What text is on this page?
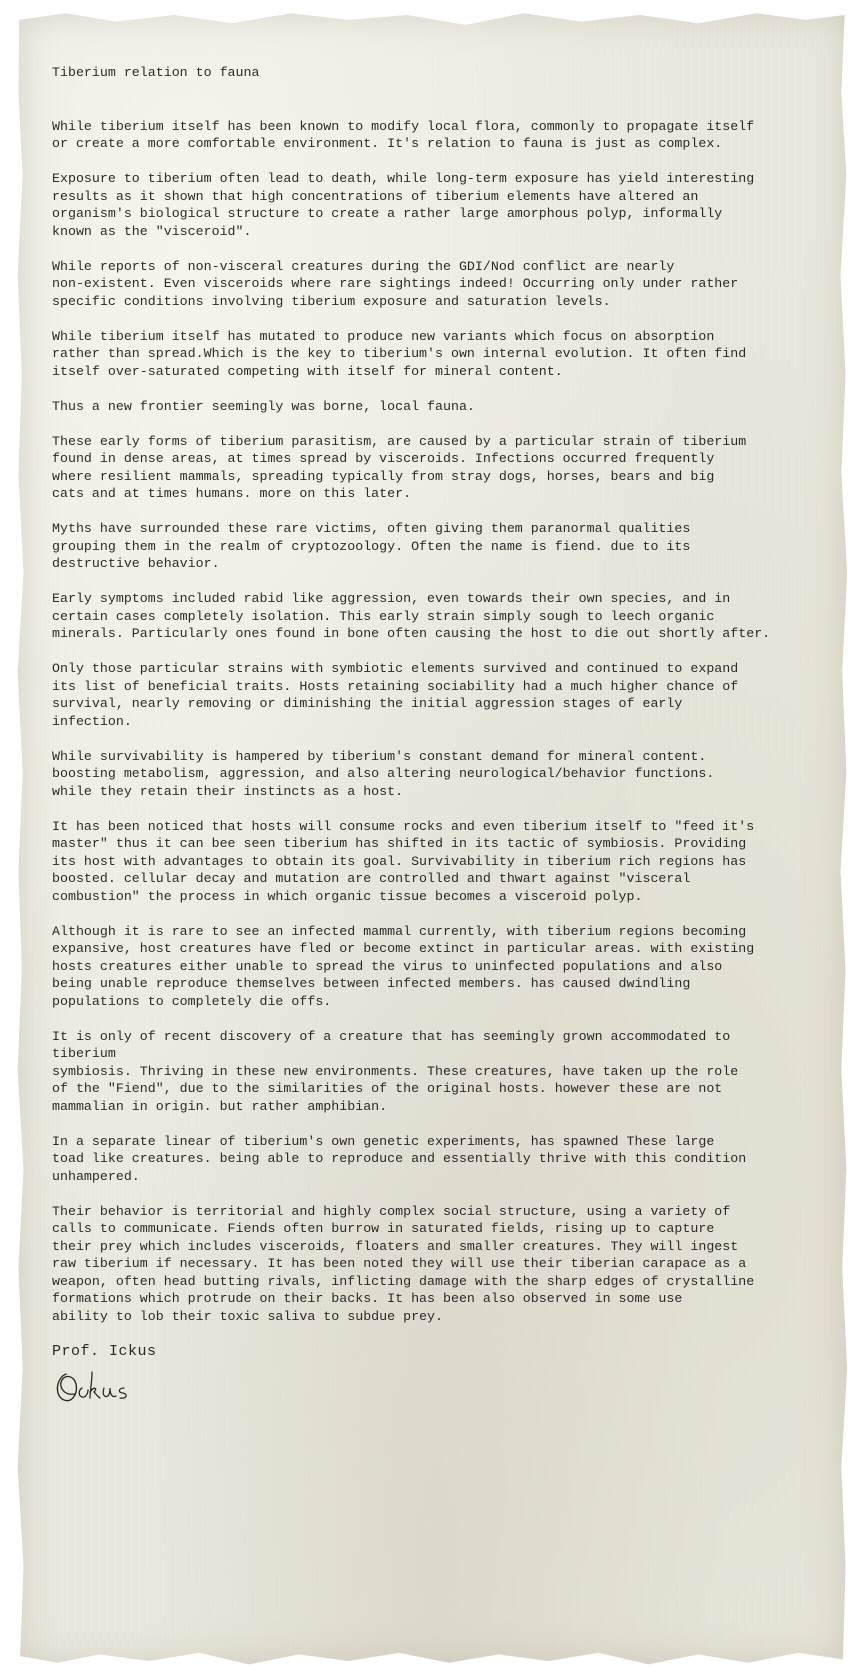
Tiberium relation to fauna

While tiberium itself has been known to modify local flora, commonly to propagate itself
or create a more comfortable environment. It's relation to fauna is just as complex.

Exposure to tiberium often lead to death, while long-term exposure has yield interesting
results as it shown that high concentrations of tiberium elements have altered an
organism's biological structure to create a rather large amorphous polyp, informally
known as the "visceroid".

While reports of non-visceral creatures during the GDI/Nod conflict are nearly
non-existent. Even visceroids where rare sightings indeed! Occurring only under rather
specific conditions involving tiberium exposure and saturation levels.

While tiberium itself has mutated to produce new variants which focus on absorption
rather than spread.Which is the key to tiberium's own internal evolution. It often find
itself over-saturated competing with itself for mineral content.

Thus a new frontier seemingly was borne, local fauna.

These early forms of tiberium parasitism, are caused by a particular strain of tiberium
found in dense areas, at times spread by visceroids. Infections occurred frequently
where resilient mammals, spreading typically from stray dogs, horses, bears and big
cats and at times humans. more on this later.

Myths have surrounded these rare victims, often giving them paranormal qualities
grouping them in the realm of cryptozoology. Often the name is fiend. due to its
destructive behavior.

Early symptoms included rabid like aggression, even towards their own species, and in
certain cases completely isolation. This early strain simply sough to leech organic
minerals. Particularly ones found in bone often causing the host to die out shortly after.

Only those particular strains with symbiotic elements survived and continued to expand
its list of beneficial traits. Hosts retaining sociability had a much higher chance of
survival, nearly removing or diminishing the initial aggression stages of early
infection.

While survivability is hampered by tiberium's constant demand for mineral content.
boosting metabolism, aggression, and also altering neurological/behavior functions.
while they retain their instincts as a host.

It has been noticed that hosts will consume rocks and even tiberium itself to "feed it's
master" thus it can bee seen tiberium has shifted in its tactic of symbiosis. Providing
its host with advantages to obtain its goal. Survivability in tiberium rich regions has
boosted. cellular decay and mutation are controlled and thwart against "visceral
combustion" the process in which organic tissue becomes a visceroid polyp.

Although it is rare to see an infected mammal currently, with tiberium regions becoming
expansive, host creatures have fled or become extinct in particular areas. with existing
hosts creatures either unable to spread the virus to uninfected populations and also
being unable reproduce themselves between infected members. has caused dwindling
populations to completely die offs.

It is only of recent discovery of a creature that has seemingly grown accommodated to
tiberium
symbiosis. Thriving in these new environments. These creatures, have taken up the role
of the "Fiend", due to the similarities of the original hosts. however these are not
mammalian in origin. but rather amphibian.

In a separate linear of tiberium's own genetic experiments, has spawned These large
toad like creatures. being able to reproduce and essentially thrive with this condition
unhampered.

Their behavior is territorial and highly complex social structure, using a variety of
calls to communicate. Fiends often burrow in saturated fields, rising up to capture
their prey which includes visceroids, floaters and smaller creatures. They will ingest
raw tiberium if necessary. It has been noted they will use their tiberian carapace as a
weapon, often head butting rivals, inflicting damage with the sharp edges of crystalline
formations which protrude on their backs. It has been also observed in some use
ability to lob their toxic saliva to subdue prey.

Prof. Ickus
